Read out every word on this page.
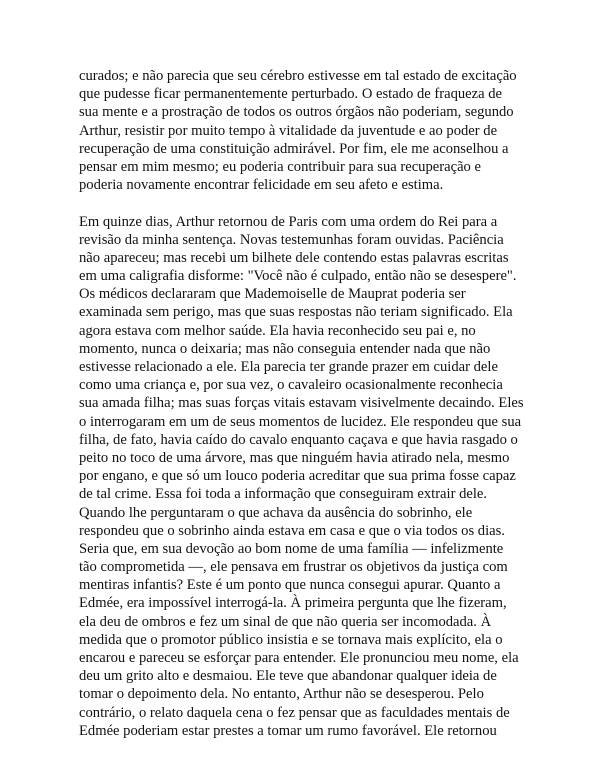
curados; e não parecia que seu cérebro estivesse em tal estado de excitação
que pudesse ficar permanentemente perturbado. O estado de fraqueza de
sua mente e a prostração de todos os outros órgãos não poderiam, segundo
Arthur, resistir por muito tempo à vitalidade da juventude e ao poder de
recuperação de uma constituição admirável. Por fim, ele me aconselhou a
pensar em mim mesmo; eu poderia contribuir para sua recuperação e
poderia novamente encontrar felicidade em seu afeto e estima.

Em quinze dias, Arthur retornou de Paris com uma ordem do Rei para a
revisão da minha sentença. Novas testemunhas foram ouvidas. Paciência
não apareceu; mas recebi um bilhete dele contendo estas palavras escritas
em uma caligrafia disforme: "Você não é culpado, então não se desespere".
Os médicos declararam que Mademoiselle de Mauprat poderia ser
examinada sem perigo, mas que suas respostas não teriam significado. Ela
agora estava com melhor saúde. Ela havia reconhecido seu pai e, no
momento, nunca o deixaria; mas não conseguia entender nada que não
estivesse relacionado a ele. Ela parecia ter grande prazer em cuidar dele
como uma criança e, por sua vez, o cavaleiro ocasionalmente reconhecia
sua amada filha; mas suas forças vitais estavam visivelmente decaindo. Eles
o interrogaram em um de seus momentos de lucidez. Ele respondeu que sua
filha, de fato, havia caído do cavalo enquanto caçava e que havia rasgado o
peito no toco de uma árvore, mas que ninguém havia atirado nela, mesmo
por engano, e que só um louco poderia acreditar que sua prima fosse capaz
de tal crime. Essa foi toda a informação que conseguiram extrair dele.
Quando lhe perguntaram o que achava da ausência do sobrinho, ele
respondeu que o sobrinho ainda estava em casa e que o via todos os dias.
Seria que, em sua devoção ao bom nome de uma família — infelizmente
tão comprometida —, ele pensava em frustrar os objetivos da justiça com
mentiras infantis? Este é um ponto que nunca consegui apurar. Quanto a
Edmée, era impossível interrogá-la. À primeira pergunta que lhe fizeram,
ela deu de ombros e fez um sinal de que não queria ser incomodada. À
medida que o promotor público insistia e se tornava mais explícito, ela o
encarou e pareceu se esforçar para entender. Ele pronunciou meu nome, ela
deu um grito alto e desmaiou. Ele teve que abandonar qualquer ideia de
tomar o depoimento dela. No entanto, Arthur não se desesperou. Pelo
contrário, o relato daquela cena o fez pensar que as faculdades mentais de
Edmée poderiam estar prestes a tomar um rumo favorável. Ele retornou
